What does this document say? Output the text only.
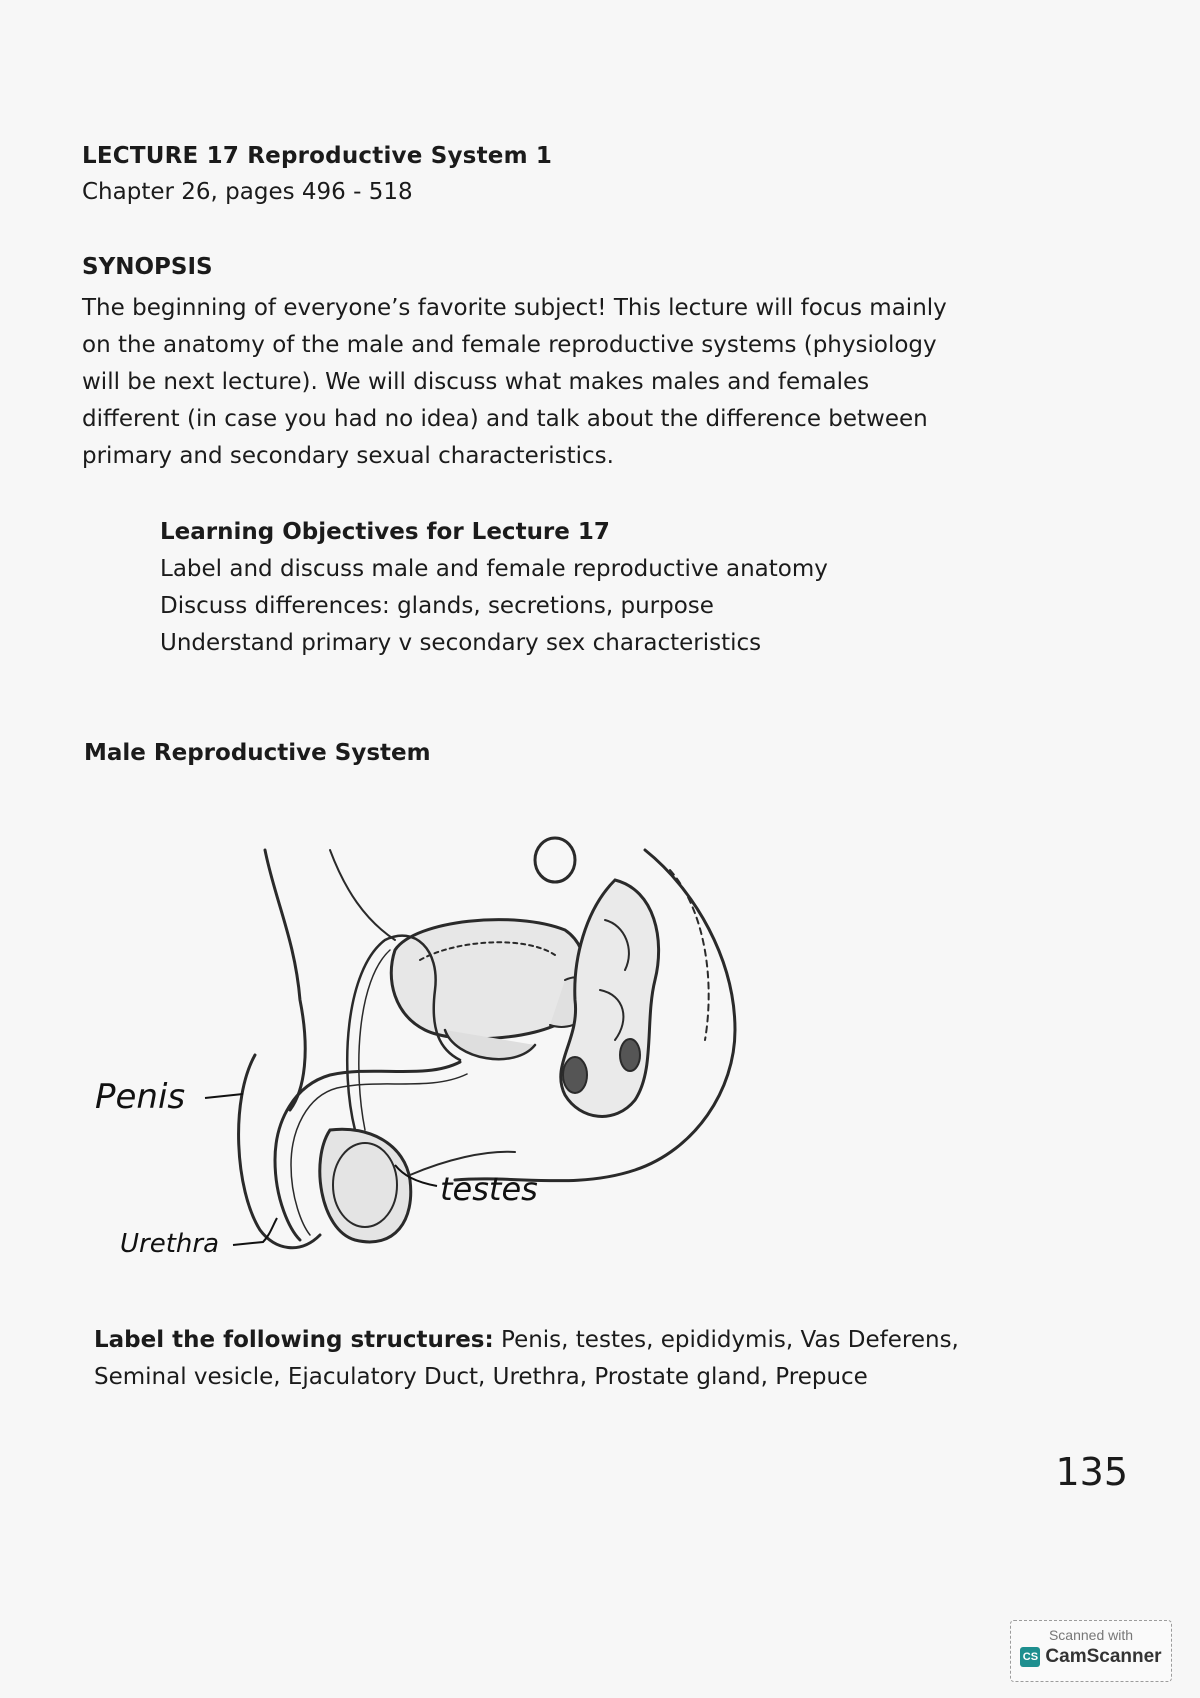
LECTURE 17 Reproductive System 1
Chapter 26, pages 496 - 518
SYNOPSIS
The beginning of everyone’s favorite subject! This lecture will focus mainly
on the anatomy of the male and female reproductive systems (physiology
will be next lecture). We will discuss what makes males and females
different (in case you had no idea) and talk about the difference between
primary and secondary sexual characteristics.
Learning Objectives for Lecture 17
Label and discuss male and female reproductive anatomy
Discuss differences: glands, secretions, purpose
Understand primary v secondary sex characteristics
Male Reproductive System
Penis
Urethra
testes
Label the following structures: Penis, testes, epididymis, Vas Deferens,
Seminal vesicle, Ejaculatory Duct, Urethra, Prostate gland, Prepuce
135
Scanned with
CS CamScanner
